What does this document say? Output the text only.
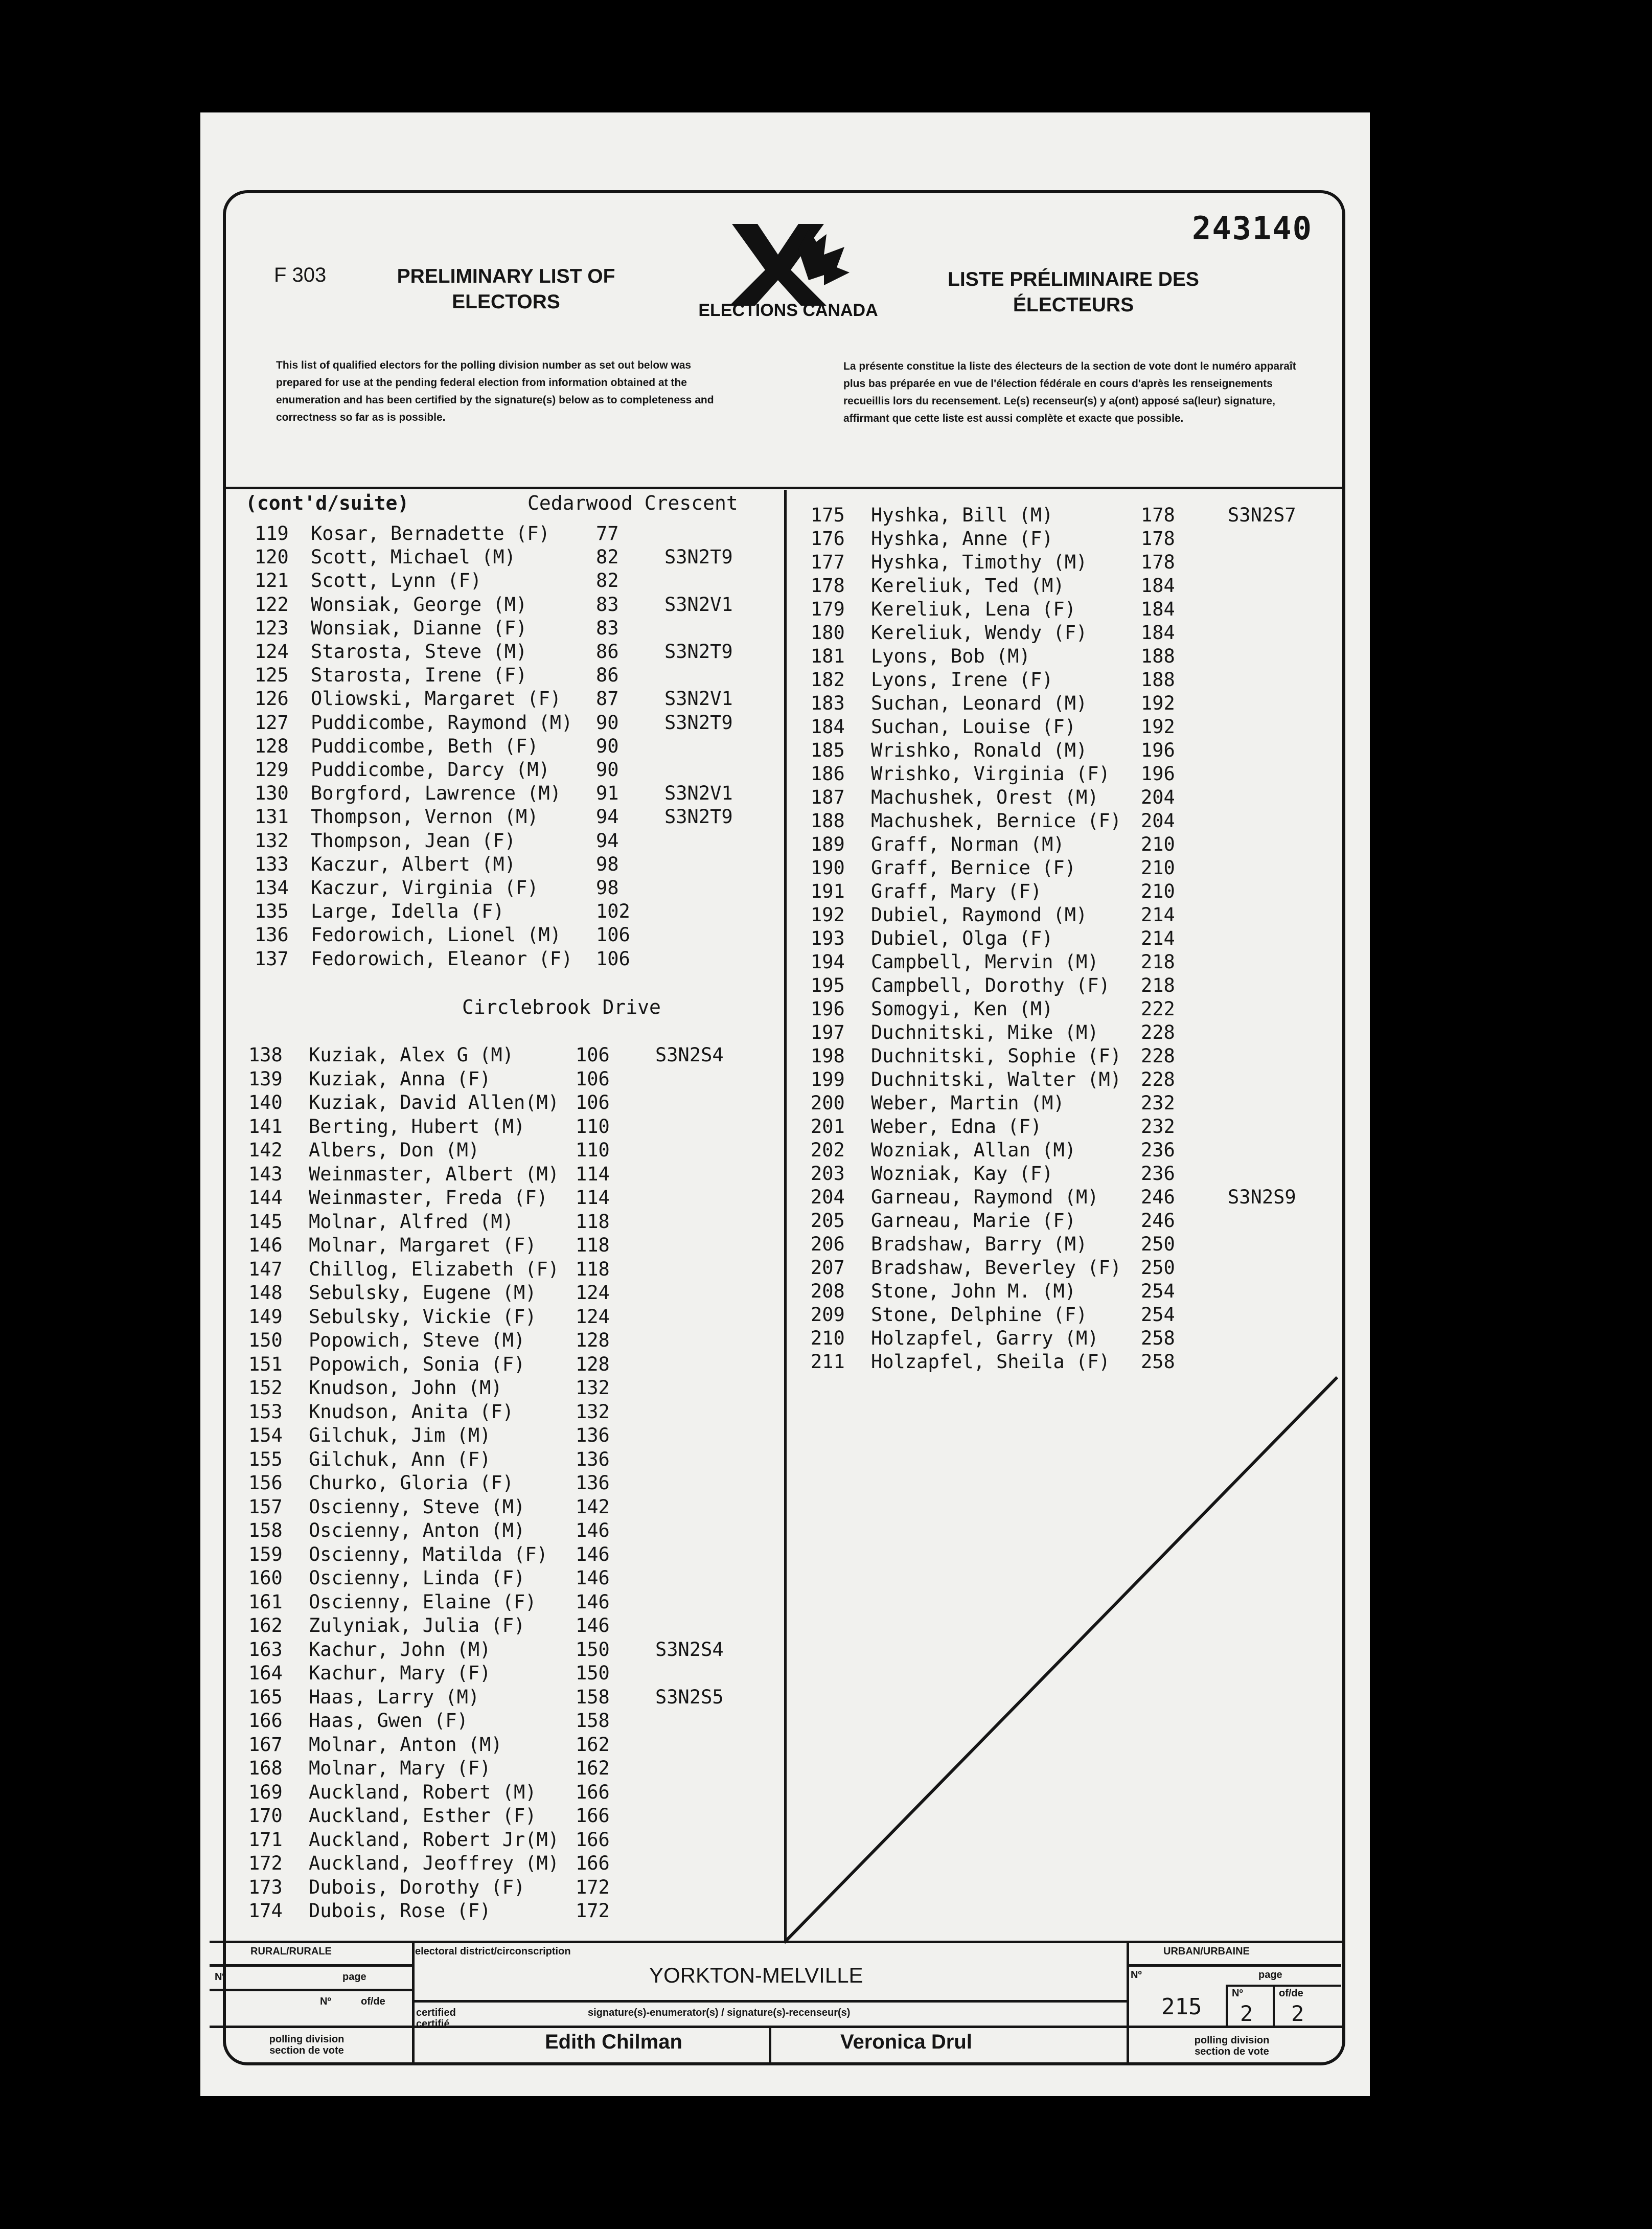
243140
F 303	PRELIMINARY LIST OF ELECTORS
LISTE PRÉLIMINAIRE DES ÉLECTEURS
ELECTIONS CANADA
This list of qualified electors for the polling division number as set out below was prepared for use at the pending federal election from information obtained at the enumeration and has been certified by the signature(s) below as to completeness and correctness so far as is possible.
La présente constitue la liste des électeurs de la section de vote dont le numéro apparaît plus bas préparée en vue de l'élection fédérale en cours d'après les renseignements recueillis lors du recensement. Le(s) recenseur(s) y a(ont) apposé sa(leur) signature, affirmant que cette liste est aussi complète et exacte que possible.
(cont'd/suite)	Cedarwood Crescent
Circlebrook Drive
119 Kosar, Bernadette (F) 77
120 Scott, Michael (M)	82 S3N2T9
121 Scott, Lynn (F)	82
122 Wonsiak, George (M)	83 S3N2V1
123 Wonsiak, Dianne (F)	83
124 Starosta, Steve (M)	86 S3N2T9
125 Starosta, Irene (F)	86
126 Oliowski, Margaret (F) 87 S3N2V1
127 Puddicombe, Raymond (M) 90 S3N2T9
128 Puddicombe, Beth (F)	90
129 Puddicombe, Darcy (M) 90
130 Borgford, Lawrence (M) 91 S3N2V1
131 Thompson, Vernon (M)	94 S3N2T9
132 Thompson, Jean (F)	94
133 Kaczur, Albert (M)	98
134 Kaczur, Virginia (F)	98
135 Large, Idella (F)	102
136 Fedorowich, Lionel (M) 106
137 Fedorowich, Eleanor (F) 106
138 Kuziak, Alex G (M)	106 S3N2S4
139 Kuziak, Anna (F)	106
140 Kuziak, David Allen(M) 106
141 Berting, Hubert (M)	110
142 Albers, Don (M)	110
143 Weinmaster, Albert (M) 114
144 Weinmaster, Freda (F) 114
145 Molnar, Alfred (M)	118
146 Molnar, Margaret (F) 118
147 Chillog, Elizabeth (F) 118
148 Sebulsky, Eugene (M) 124
149 Sebulsky, Vickie (F) 124
150 Popowich, Steve (M)	128
151 Popowich, Sonia (F)	128
152 Knudson, John (M)	132
153 Knudson, Anita (F)	132
154 Gilchuk, Jim (M)	136
155 Gilchuk, Ann (F)	136
156 Churko, Gloria (F)	136
157 Oscienny, Steve (M)	142
158 Oscienny, Anton (M)	146
159 Oscienny, Matilda (F) 146
160 Oscienny, Linda (F)	146
161 Oscienny, Elaine (F) 146
162 Zulyniak, Julia (F)	146
163 Kachur, John (M)	150 S3N2S4
164 Kachur, Mary (F)	150
165 Haas, Larry (M)	158 S3N2S5
166 Haas, Gwen (F)	158
167 Molnar, Anton (M)	162
168 Molnar, Mary (F)	162
169 Auckland, Robert (M) 166
170 Auckland, Esther (F) 166
171 Auckland, Robert Jr(M) 166
172 Auckland, Jeoffrey (M) 166
173 Dubois, Dorothy (F)	172
174 Dubois, Rose (F)	172
175 Hyshka, Bill (M)	178	S3N2S7
176 Hyshka, Anne (F)	178
177 Hyshka, Timothy (M)	178
178 Kereliuk, Ted (M)	184
179 Kereliuk, Lena (F)	184
180 Kereliuk, Wendy (F)	184
181 Lyons, Bob (M)	188
182 Lyons, Irene (F)	188
183 Suchan, Leonard (M)	192
184 Suchan, Louise (F)	192
185 Wrishko, Ronald (M)	196
186 Wrishko, Virginia (F) 196
187 Machushek, Orest (M) 204
188 Machushek, Bernice (F) 204
189 Graff, Norman (M)	210
190 Graff, Bernice (F)	210
191 Graff, Mary (F)	210
192 Dubiel, Raymond (M)	214
193 Dubiel, Olga (F)	214
194 Campbell, Mervin (M) 218
195 Campbell, Dorothy (F) 218
196 Somogyi, Ken (M)	222
197 Duchnitski, Mike (M) 228
198 Duchnitski, Sophie (F) 228
199 Duchnitski, Walter (M) 228
200 Weber, Martin (M)	232
201 Weber, Edna (F)	232
202 Wozniak, Allan (M)	236
203 Wozniak, Kay (F)	236
204 Garneau, Raymond (M) 246	S3N2S9
205 Garneau, Marie (F)	246
206 Bradshaw, Barry (M)	250
207 Bradshaw, Beverley (F) 250
208 Stone, John M. (M)	254
209 Stone, Delphine (F)	254
210 Holzapfel, Garry (M) 258
211 Holzapfel, Sheila (F) 258
RURAL/RURALE	URBAN/URBAINE
Nº	page
Nº	of/de
electoral district/circonscription
YORKTON-MELVILLE
certified certifié
signature(s)-enumerator(s) / signature(s)-recenseur(s)
Edith Chilman	Veronica Drul
polling division section de vote
polling division section de vote
Nº	page
Nº	of/de
215 2 2
